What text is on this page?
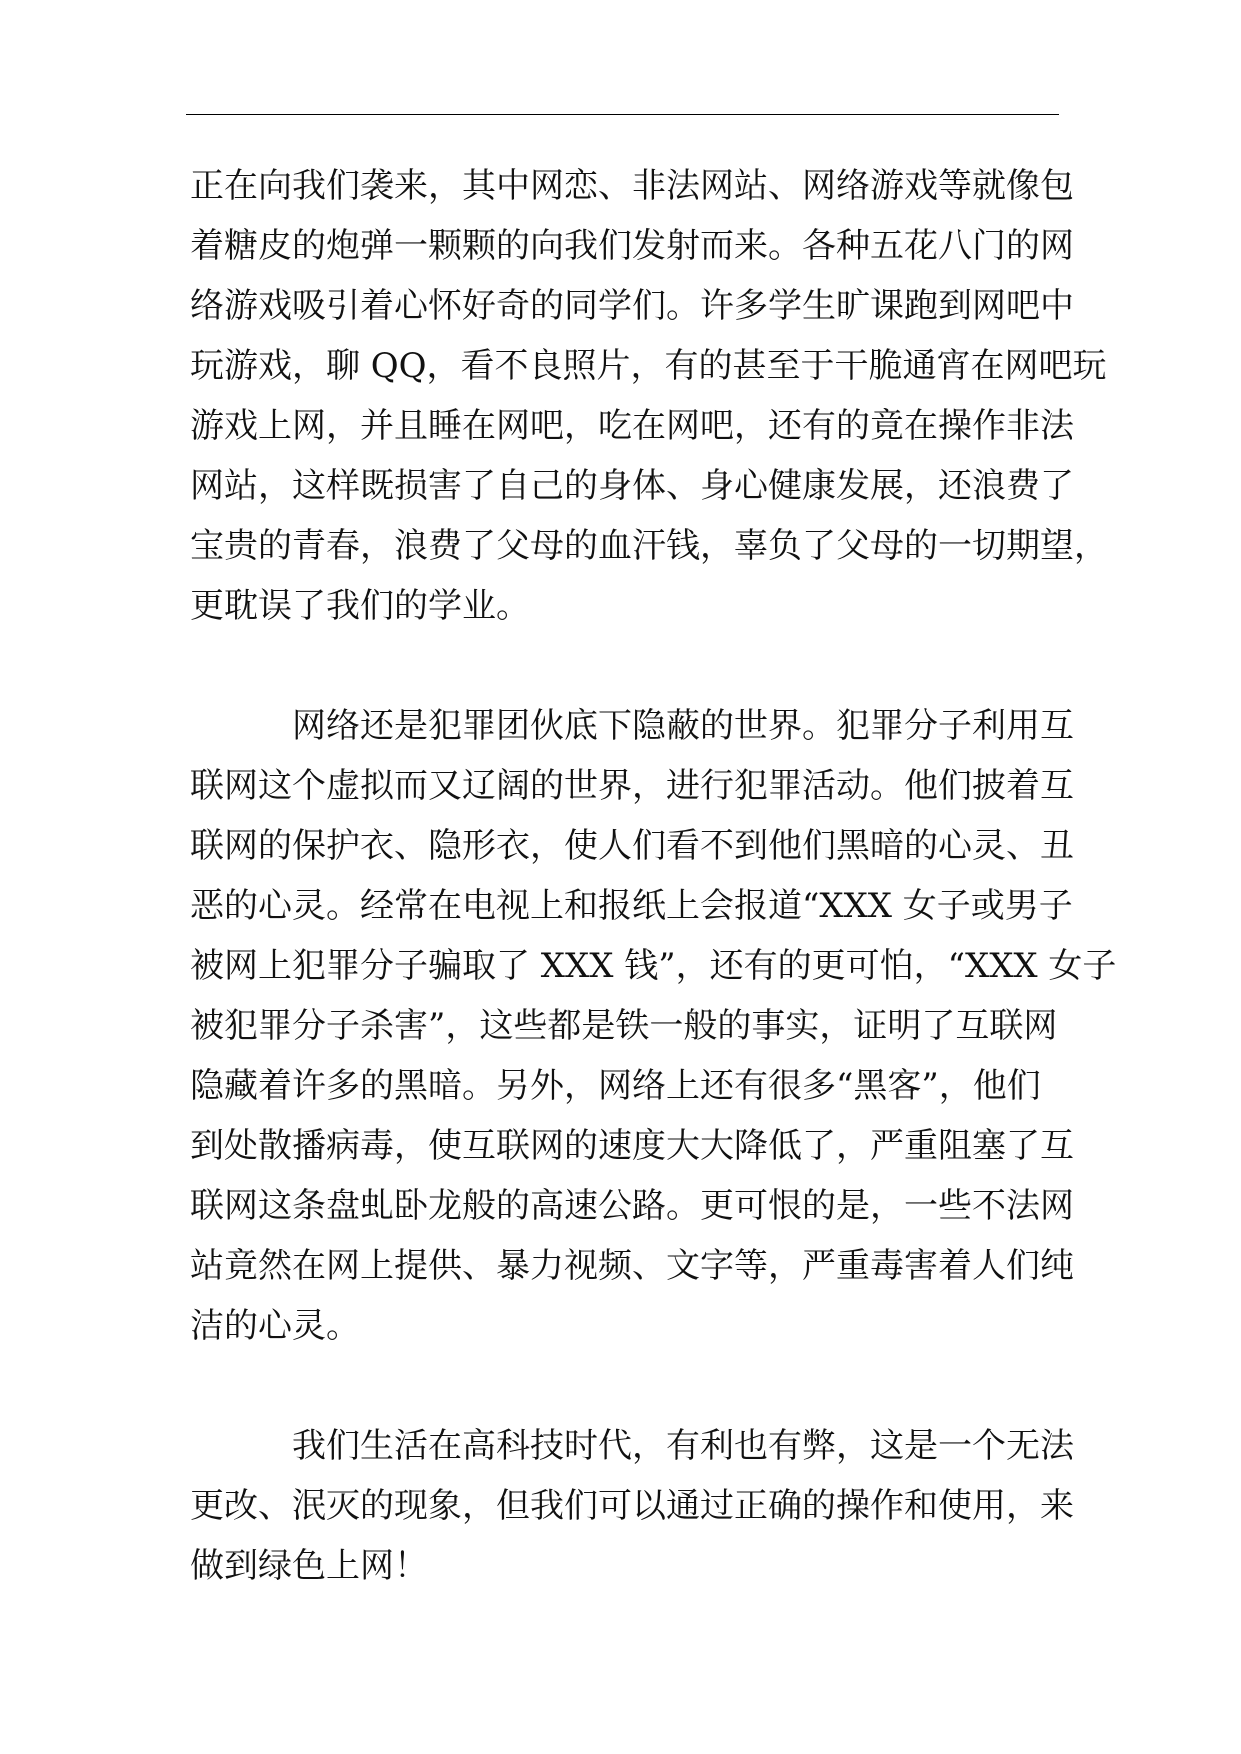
正在向我们袭来，其中网恋、非法网站、网络游戏等就像包
着糖皮的炮弹一颗颗的向我们发射而来。各种五花八门的网
络游戏吸引着心怀好奇的同学们。许多学生旷课跑到网吧中
玩游戏，聊 QQ，看不良照片，有的甚至于干脆通宵在网吧玩
游戏上网，并且睡在网吧，吃在网吧，还有的竟在操作非法
网站，这样既损害了自己的身体、身心健康发展，还浪费了
宝贵的青春，浪费了父母的血汗钱，辜负了父母的一切期望，
更耽误了我们的学业。
网络还是犯罪团伙底下隐蔽的世界。犯罪分子利用互
联网这个虚拟而又辽阔的世界，进行犯罪活动。他们披着互
联网的保护衣、隐形衣，使人们看不到他们黑暗的心灵、丑
恶的心灵。经常在电视上和报纸上会报道“XXX 女子或男子
被网上犯罪分子骗取了 XXX 钱”，还有的更可怕，“XXX 女子
被犯罪分子杀害”，这些都是铁一般的事实，证明了互联网
隐藏着许多的黑暗。另外，网络上还有很多“黑客”，他们
到处散播病毒，使互联网的速度大大降低了，严重阻塞了互
联网这条盘虬卧龙般的高速公路。更可恨的是，一些不法网
站竟然在网上提供、暴力视频、文字等，严重毒害着人们纯
洁的心灵。
我们生活在高科技时代，有利也有弊，这是一个无法
更改、泯灭的现象，但我们可以通过正确的操作和使用，来
做到绿色上网！
